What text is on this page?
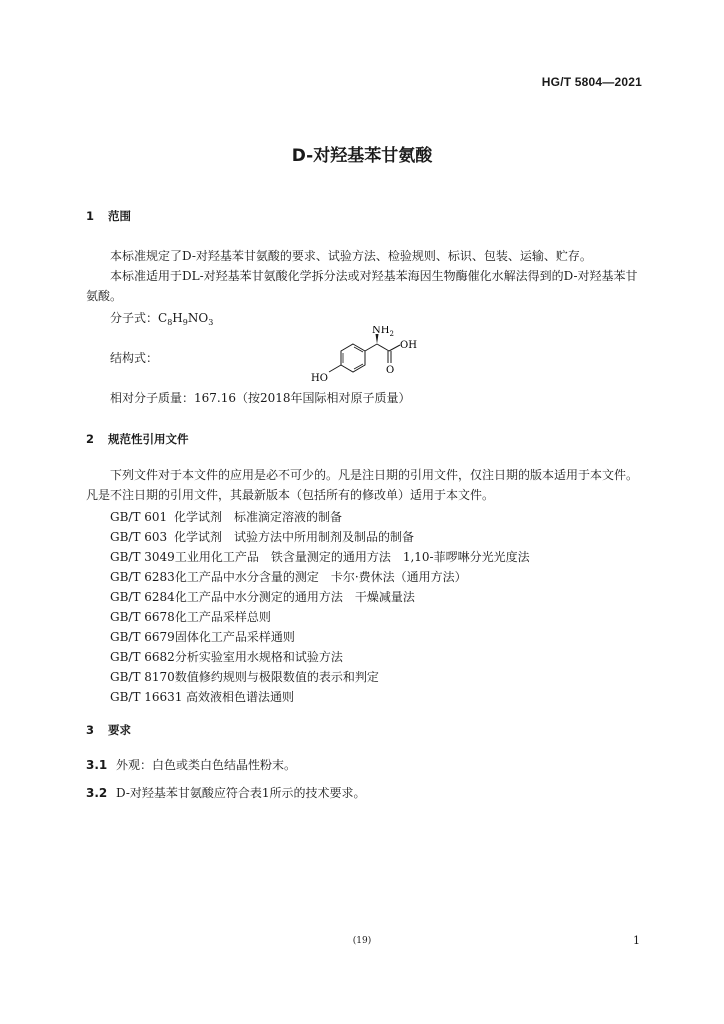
HG/T 5804—2021
D-对羟基苯甘氨酸
1 范围
本标准规定了D-对羟基苯甘氨酸的要求、试验方法、检验规则、标识、包装、运输、贮存。
本标准适用于DL-对羟基苯甘氨酸化学拆分法或对羟基苯海因生物酶催化水解法得到的D-对羟基苯甘氨酸。
分子式：$C_8H_9NO_3$
结构式：
$NH_2$
OH
O
HO
相对分子质量：167.16（按2018年国际相对原子质量）
2 规范性引用文件
下列文件对于本文件的应用是必不可少的。凡是注日期的引用文件，仅注日期的版本适用于本文件。凡是不注日期的引用文件，其最新版本（包括所有的修改单）适用于本文件。
GB/T 601 化学试剂　标准滴定溶液的制备
GB/T 603 化学试剂　试验方法中所用制剂及制品的制备
GB/T 3049工业用化工产品　铁含量测定的通用方法　1,10-菲啰啉分光光度法
GB/T 6283化工产品中水分含量的测定　卡尔·费休法（通用方法）
GB/T 6284化工产品中水分测定的通用方法　干燥减量法
GB/T 6678化工产品采样总则
GB/T 6679固体化工产品采样通则
GB/T 6682分析实验室用水规格和试验方法
GB/T 8170数值修约规则与极限数值的表示和判定
GB/T 16631 高效液相色谱法通则
3 要求
3.1 外观：白色或类白色结晶性粉末。
3.2 D-对羟基苯甘氨酸应符合表1所示的技术要求。
(19)	1
